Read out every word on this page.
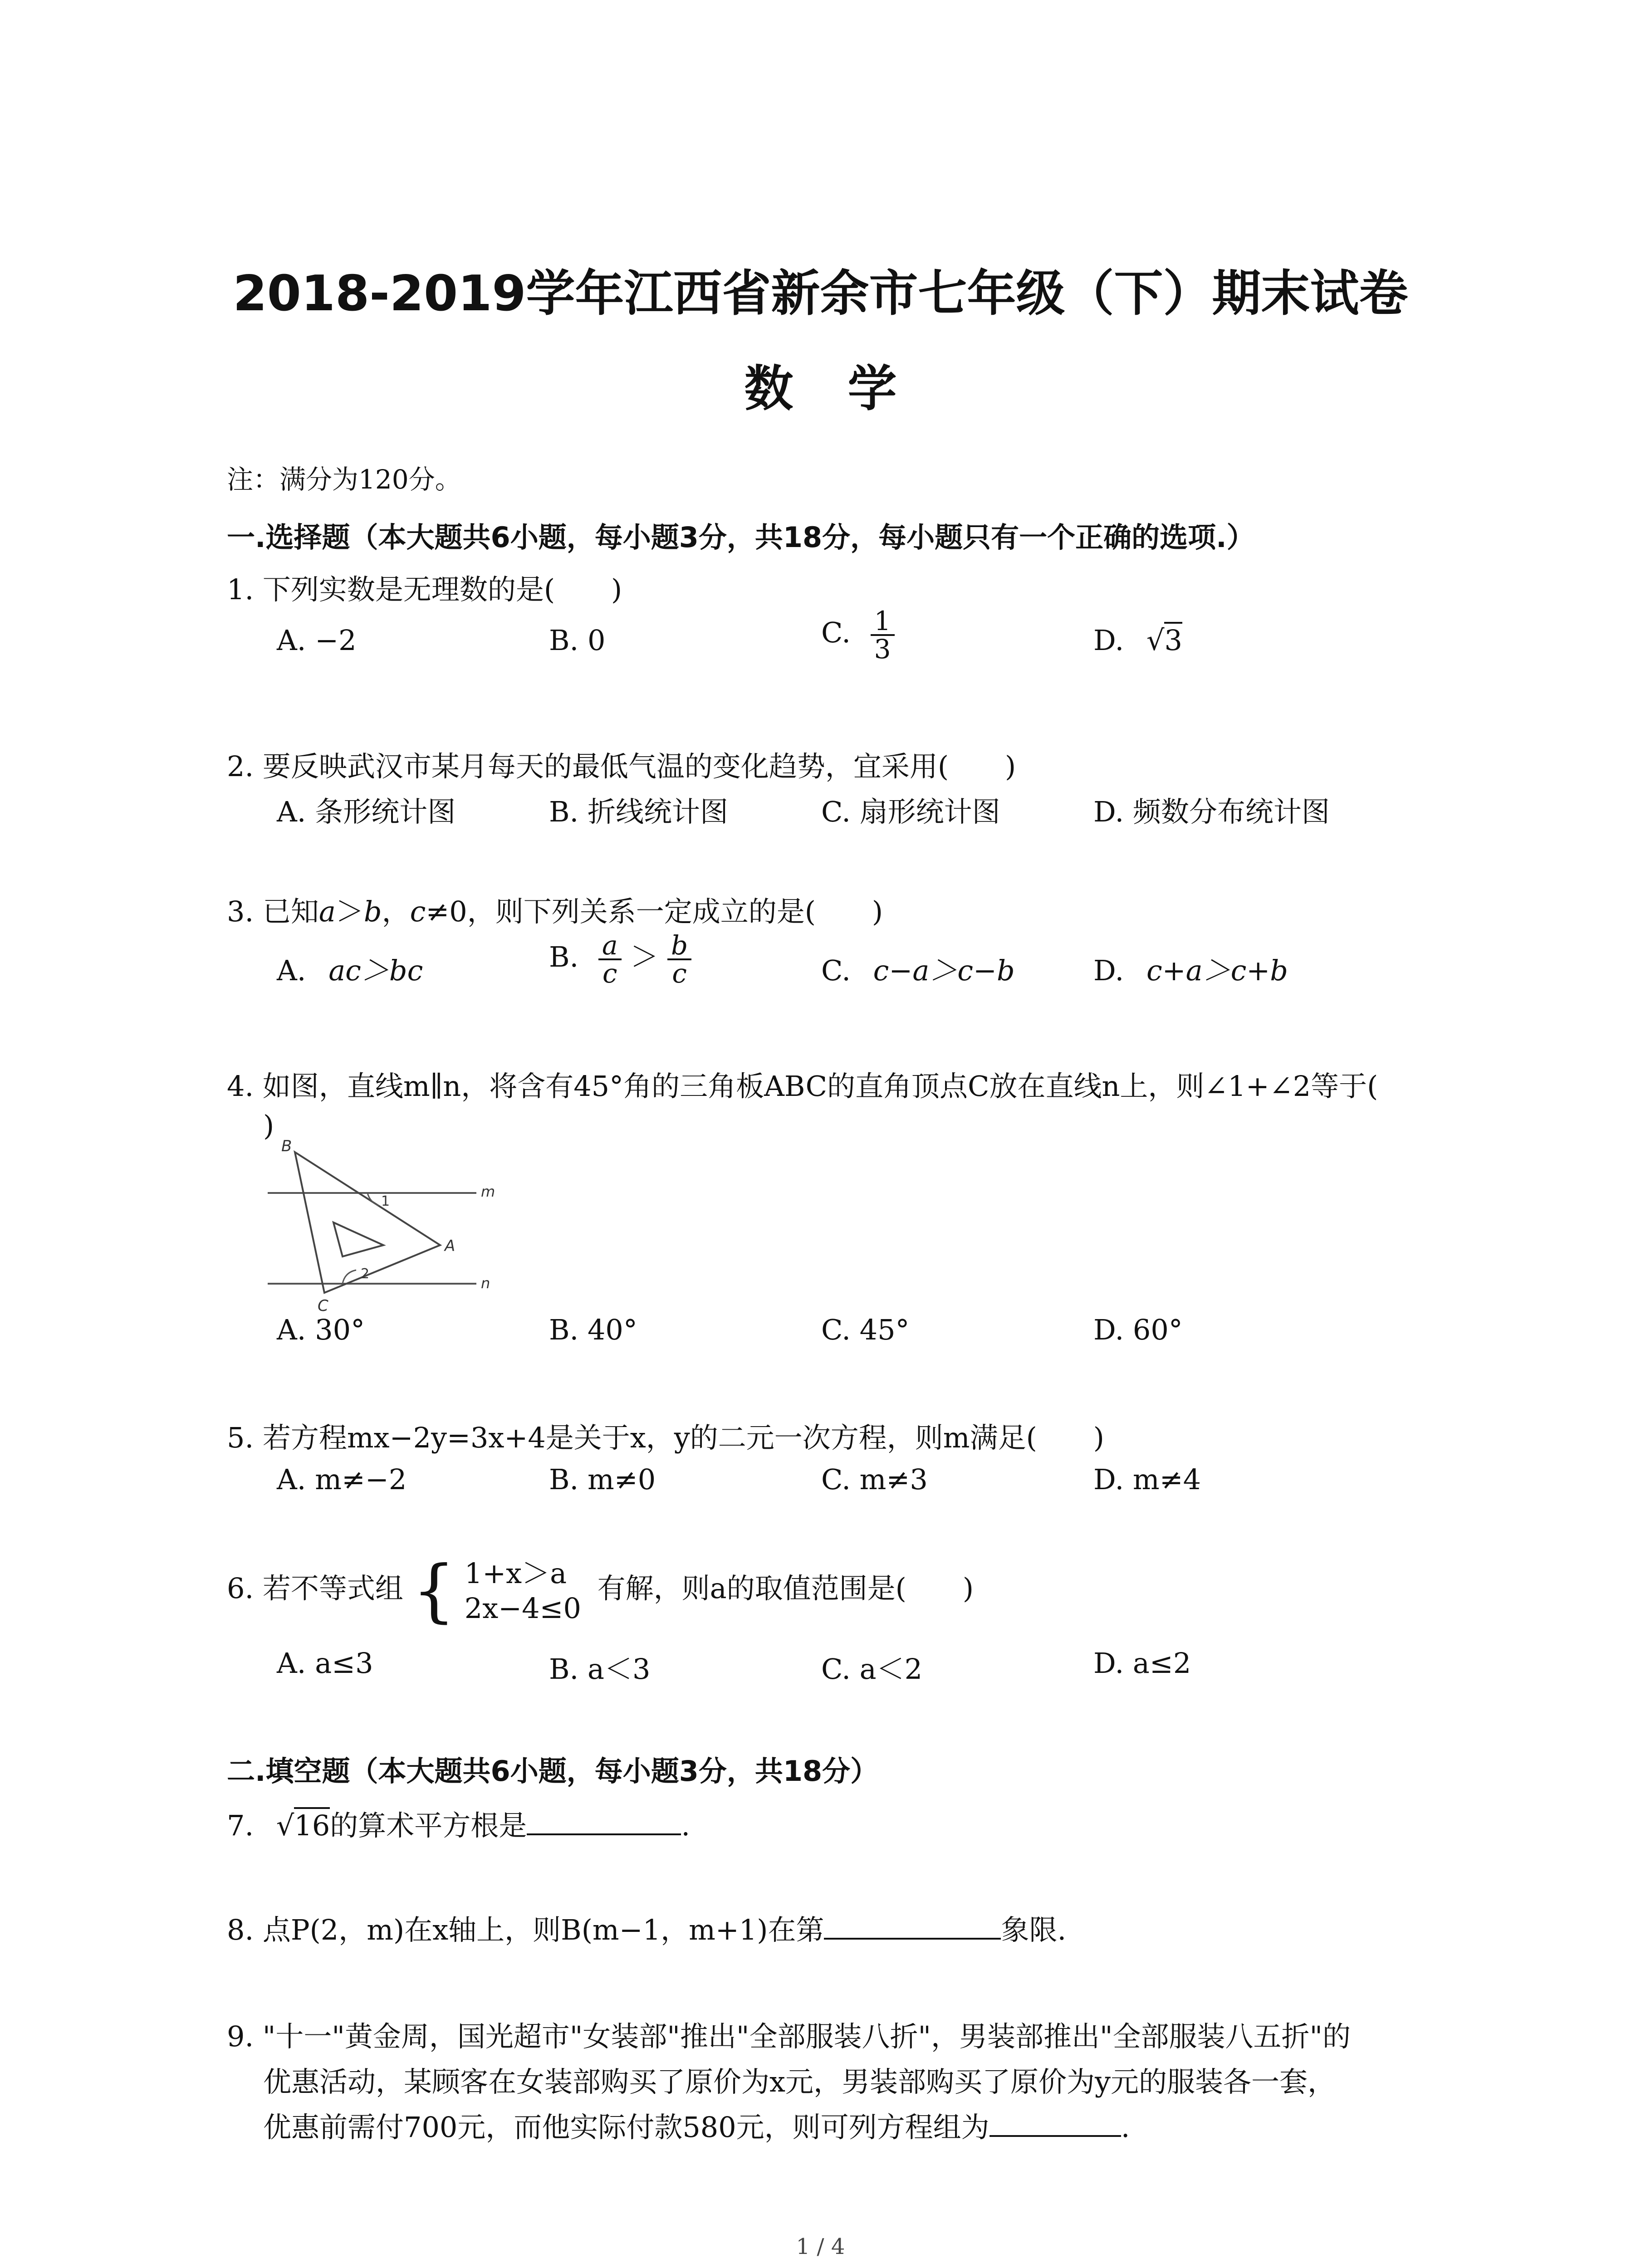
2018-2019学年江西省新余市七年级（下）期末试卷
数学
注：满分为120分。
一.选择题（本大题共6小题，每小题3分，共18分，每小题只有一个正确的选项.）
1. 下列实数是无理数的是(　　)
A. −2	B. 0	C. $\frac{1}{3}$	D. √3
2. 要反映武汉市某月每天的最低气温的变化趋势，宜采用(　　)
A. 条形统计图	B. 折线统计图	C. 扇形统计图	D. 频数分布统计图
3. 已知a＞b，c≠0，则下列关系一定成立的是(　　)
A. ac＞bc	B. $\frac{a}{c} > \frac{b}{c}$	C. c−a＞c−b	D. c+a＞c+b
4. 如图，直线m∥n，将含有45°角的三角板ABC的直角顶点C放在直线n上，则∠1+∠2等于(
)
B
C
A
m
n
1
2
A. 30°	B. 40°	C. 45°	D. 60°
5. 若方程mx−2y=3x+4是关于x，y的二元一次方程，则m满足(　　)
A. m≠−2	B. m≠0	C. m≠3	D. m≠4
6. 若不等式组 { 1+x＞a
2x−4≤0
有解，则a的取值范围是(　　)
A. a≤3	B. a＜3	C. a＜2	D. a≤2
二.填空题（本大题共6小题，每小题3分，共18分）
7. √16的算术平方根是	.
8. 点P(2，m)在x轴上，则B(m−1，m+1)在第	象限.
9. "十一"黄金周，国光超市"女装部"推出"全部服装八折"，男装部推出"全部服装八五折"的
优惠活动，某顾客在女装部购买了原价为x元，男装部购买了原价为y元的服装各一套，
优惠前需付700元，而他实际付款580元，则可列方程组为	.
1 / 4
